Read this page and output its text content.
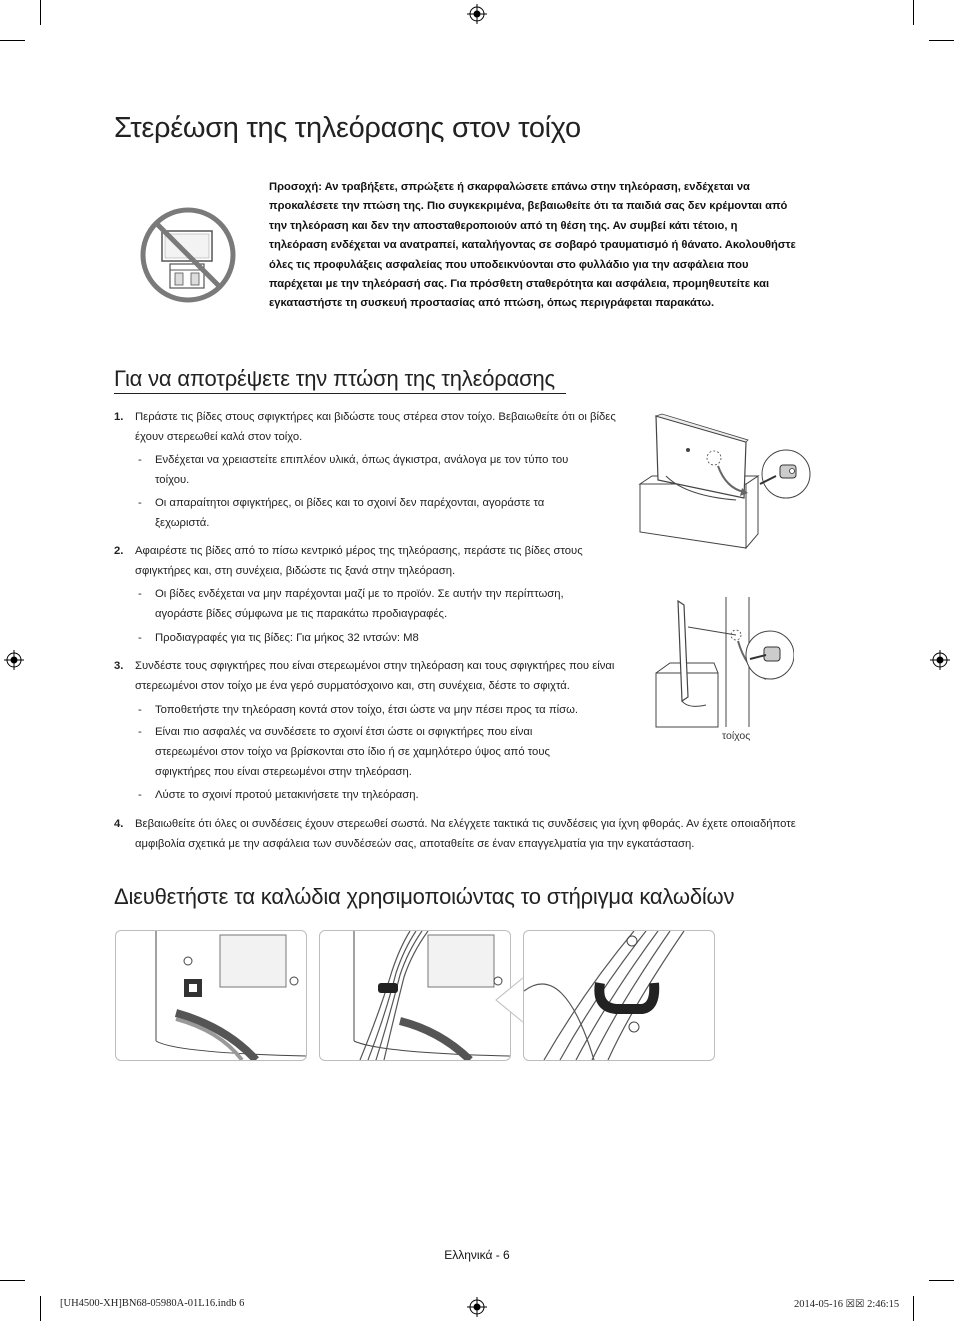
Στερέωση της τηλεόρασης στον τοίχο
Προσοχή: Αν τραβήξετε, σπρώξετε ή σκαρφαλώσετε επάνω στην τηλεόραση, ενδέχεται να προκαλέσετε την πτώση της. Πιο συγκεκριμένα, βεβαιωθείτε ότι τα παιδιά σας δεν κρέμονται από την τηλεόραση και δεν την αποσταθεροποιούν από τη θέση της. Αν συμβεί κάτι τέτοιο, η τηλεόραση ενδέχεται να ανατραπεί, καταλήγοντας σε σοβαρό τραυματισμό ή θάνατο. Ακολουθήστε όλες τις προφυλάξεις ασφαλείας που υποδεικνύονται στο φυλλάδιο για την ασφάλεια που παρέχεται με την τηλεόρασή σας. Για πρόσθετη σταθερότητα και ασφάλεια, προμηθευτείτε και εγκαταστήστε τη συσκευή προστασίας από πτώση, όπως περιγράφεται παρακάτω.
Για να αποτρέψετε την πτώση της τηλεόρασης
1. Περάστε τις βίδες στους σφιγκτήρες και βιδώστε τους στέρεα στον τοίχο. Βεβαιωθείτε ότι οι βίδες έχουν στερεωθεί καλά στον τοίχο.
- Ενδέχεται να χρειαστείτε επιπλέον υλικά, όπως άγκιστρα, ανάλογα με τον τύπο του τοίχου.
- Οι απαραίτητοι σφιγκτήρες, οι βίδες και το σχοινί δεν παρέχονται, αγοράστε τα ξεχωριστά.
2. Αφαιρέστε τις βίδες από το πίσω κεντρικό μέρος της τηλεόρασης, περάστε τις βίδες στους σφιγκτήρες και, στη συνέχεια, βιδώστε τις ξανά στην τηλεόραση.
- Οι βίδες ενδέχεται να μην παρέχονται μαζί με το προϊόν. Σε αυτήν την περίπτωση, αγοράστε βίδες σύμφωνα με τις παρακάτω προδιαγραφές.
- Προδιαγραφές για τις βίδες: Για μήκος 32 ιντσών: M8
3. Συνδέστε τους σφιγκτήρες που είναι στερεωμένοι στην τηλεόραση και τους σφιγκτήρες που είναι στερεωμένοι στον τοίχο με ένα γερό συρματόσχοινο και, στη συνέχεια, δέστε το σφιχτά.
- Τοποθετήστε την τηλεόραση κοντά στον τοίχο, έτσι ώστε να μην πέσει προς τα πίσω.
- Είναι πιο ασφαλές να συνδέσετε το σχοινί έτσι ώστε οι σφιγκτήρες που είναι στερεωμένοι στον τοίχο να βρίσκονται στο ίδιο ή σε χαμηλότερο ύψος από τους σφιγκτήρες που είναι στερεωμένοι στην τηλεόραση.
- Λύστε το σχοινί προτού μετακινήσετε την τηλεόραση.
4. Βεβαιωθείτε ότι όλες οι συνδέσεις έχουν στερεωθεί σωστά. Να ελέγχετε τακτικά τις συνδέσεις για ίχνη φθοράς. Αν έχετε οποιαδήποτε αμφιβολία σχετικά με την ασφάλεια των συνδέσεών σας, αποταθείτε σε έναν επαγγελματία για την εγκατάσταση.
τοίχος
Διευθετήστε τα καλώδια χρησιμοποιώντας το στήριγμα καλωδίων
Ελληνικά - 6
[UH4500-XH]BN68-05980A-01L16.indb 6	2014-05-16 ☒☒ 2:46:15
